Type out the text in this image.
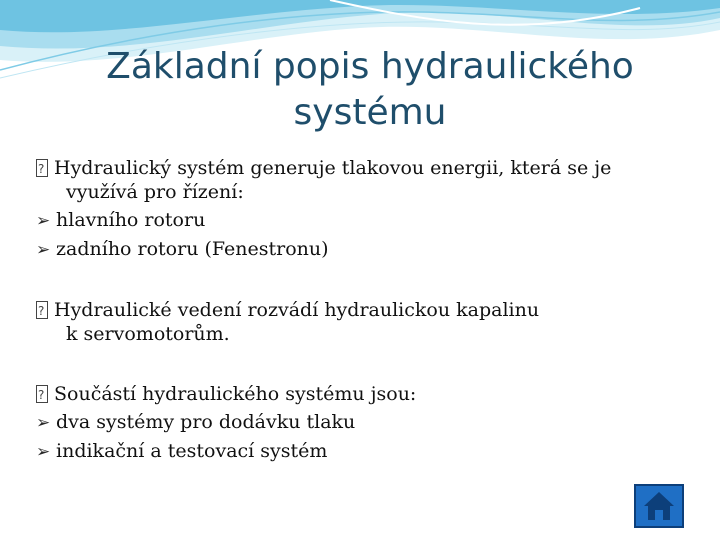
Základní popis hydraulického
systému

?Hydraulický systém generuje tlakovou energii, která se je

využívá pro řízení:

➢ hlavního rotoru

➢ zadního rotoru (Fenestronu)

?Hydraulické vedení rozvádí hydraulickou kapalinu

k servomotorům.

?Součástí hydraulického systému jsou:

➢ dva systémy pro dodávku tlaku

➢ indikační a testovací systém
